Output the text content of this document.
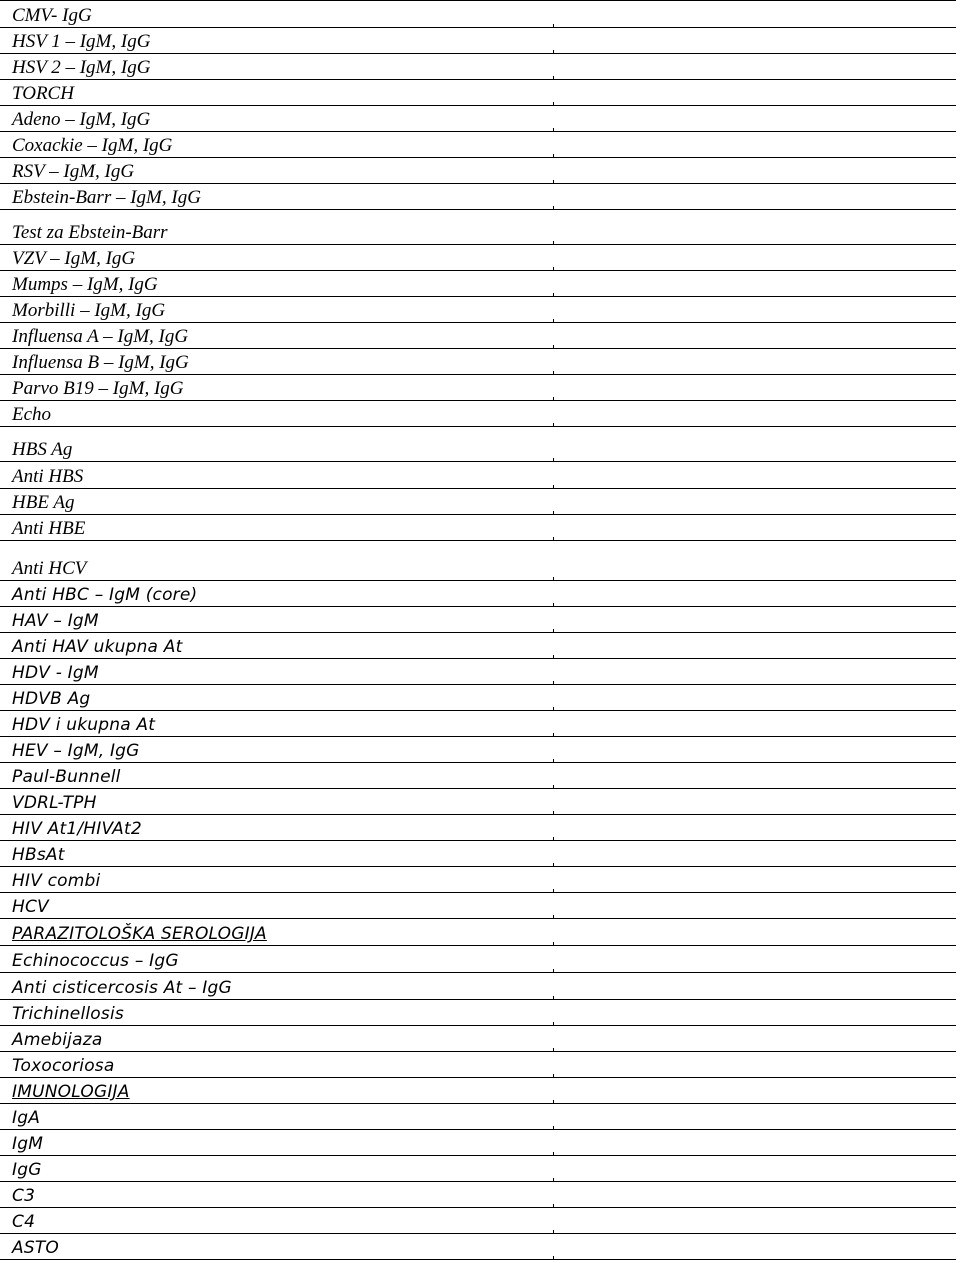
CMV- IgG
HSV 1 – IgM, IgG
HSV 2 – IgM, IgG
TORCH
Adeno – IgM, IgG
Coxackie – IgM, IgG
RSV – IgM, IgG
Ebstein-Barr – IgM, IgG
Test za Ebstein-Barr
VZV – IgM, IgG
Mumps – IgM, IgG
Morbilli – IgM, IgG
Influensa A – IgM, IgG
Influensa B – IgM, IgG
Parvo B19 – IgM, IgG
Echo
HBS Ag
Anti HBS
HBE Ag
Anti HBE
Anti HCV
Anti HBC – IgM (core)
HAV – IgM
Anti HAV ukupna At
HDV - IgM
HDVB Ag
HDV i ukupna At
HEV – IgM, IgG
Paul-Bunnell
VDRL-TPH
HIV At1/HIVAt2
HBsAt
HIV combi
HCV
PARAZITOLOŠKA SEROLOGIJA
Echinococcus – IgG
Anti cisticercosis At – IgG
Trichinellosis
Amebijaza
Toxocoriosa
IMUNOLOGIJA
IgA
IgM
IgG
C3
C4
ASTO
